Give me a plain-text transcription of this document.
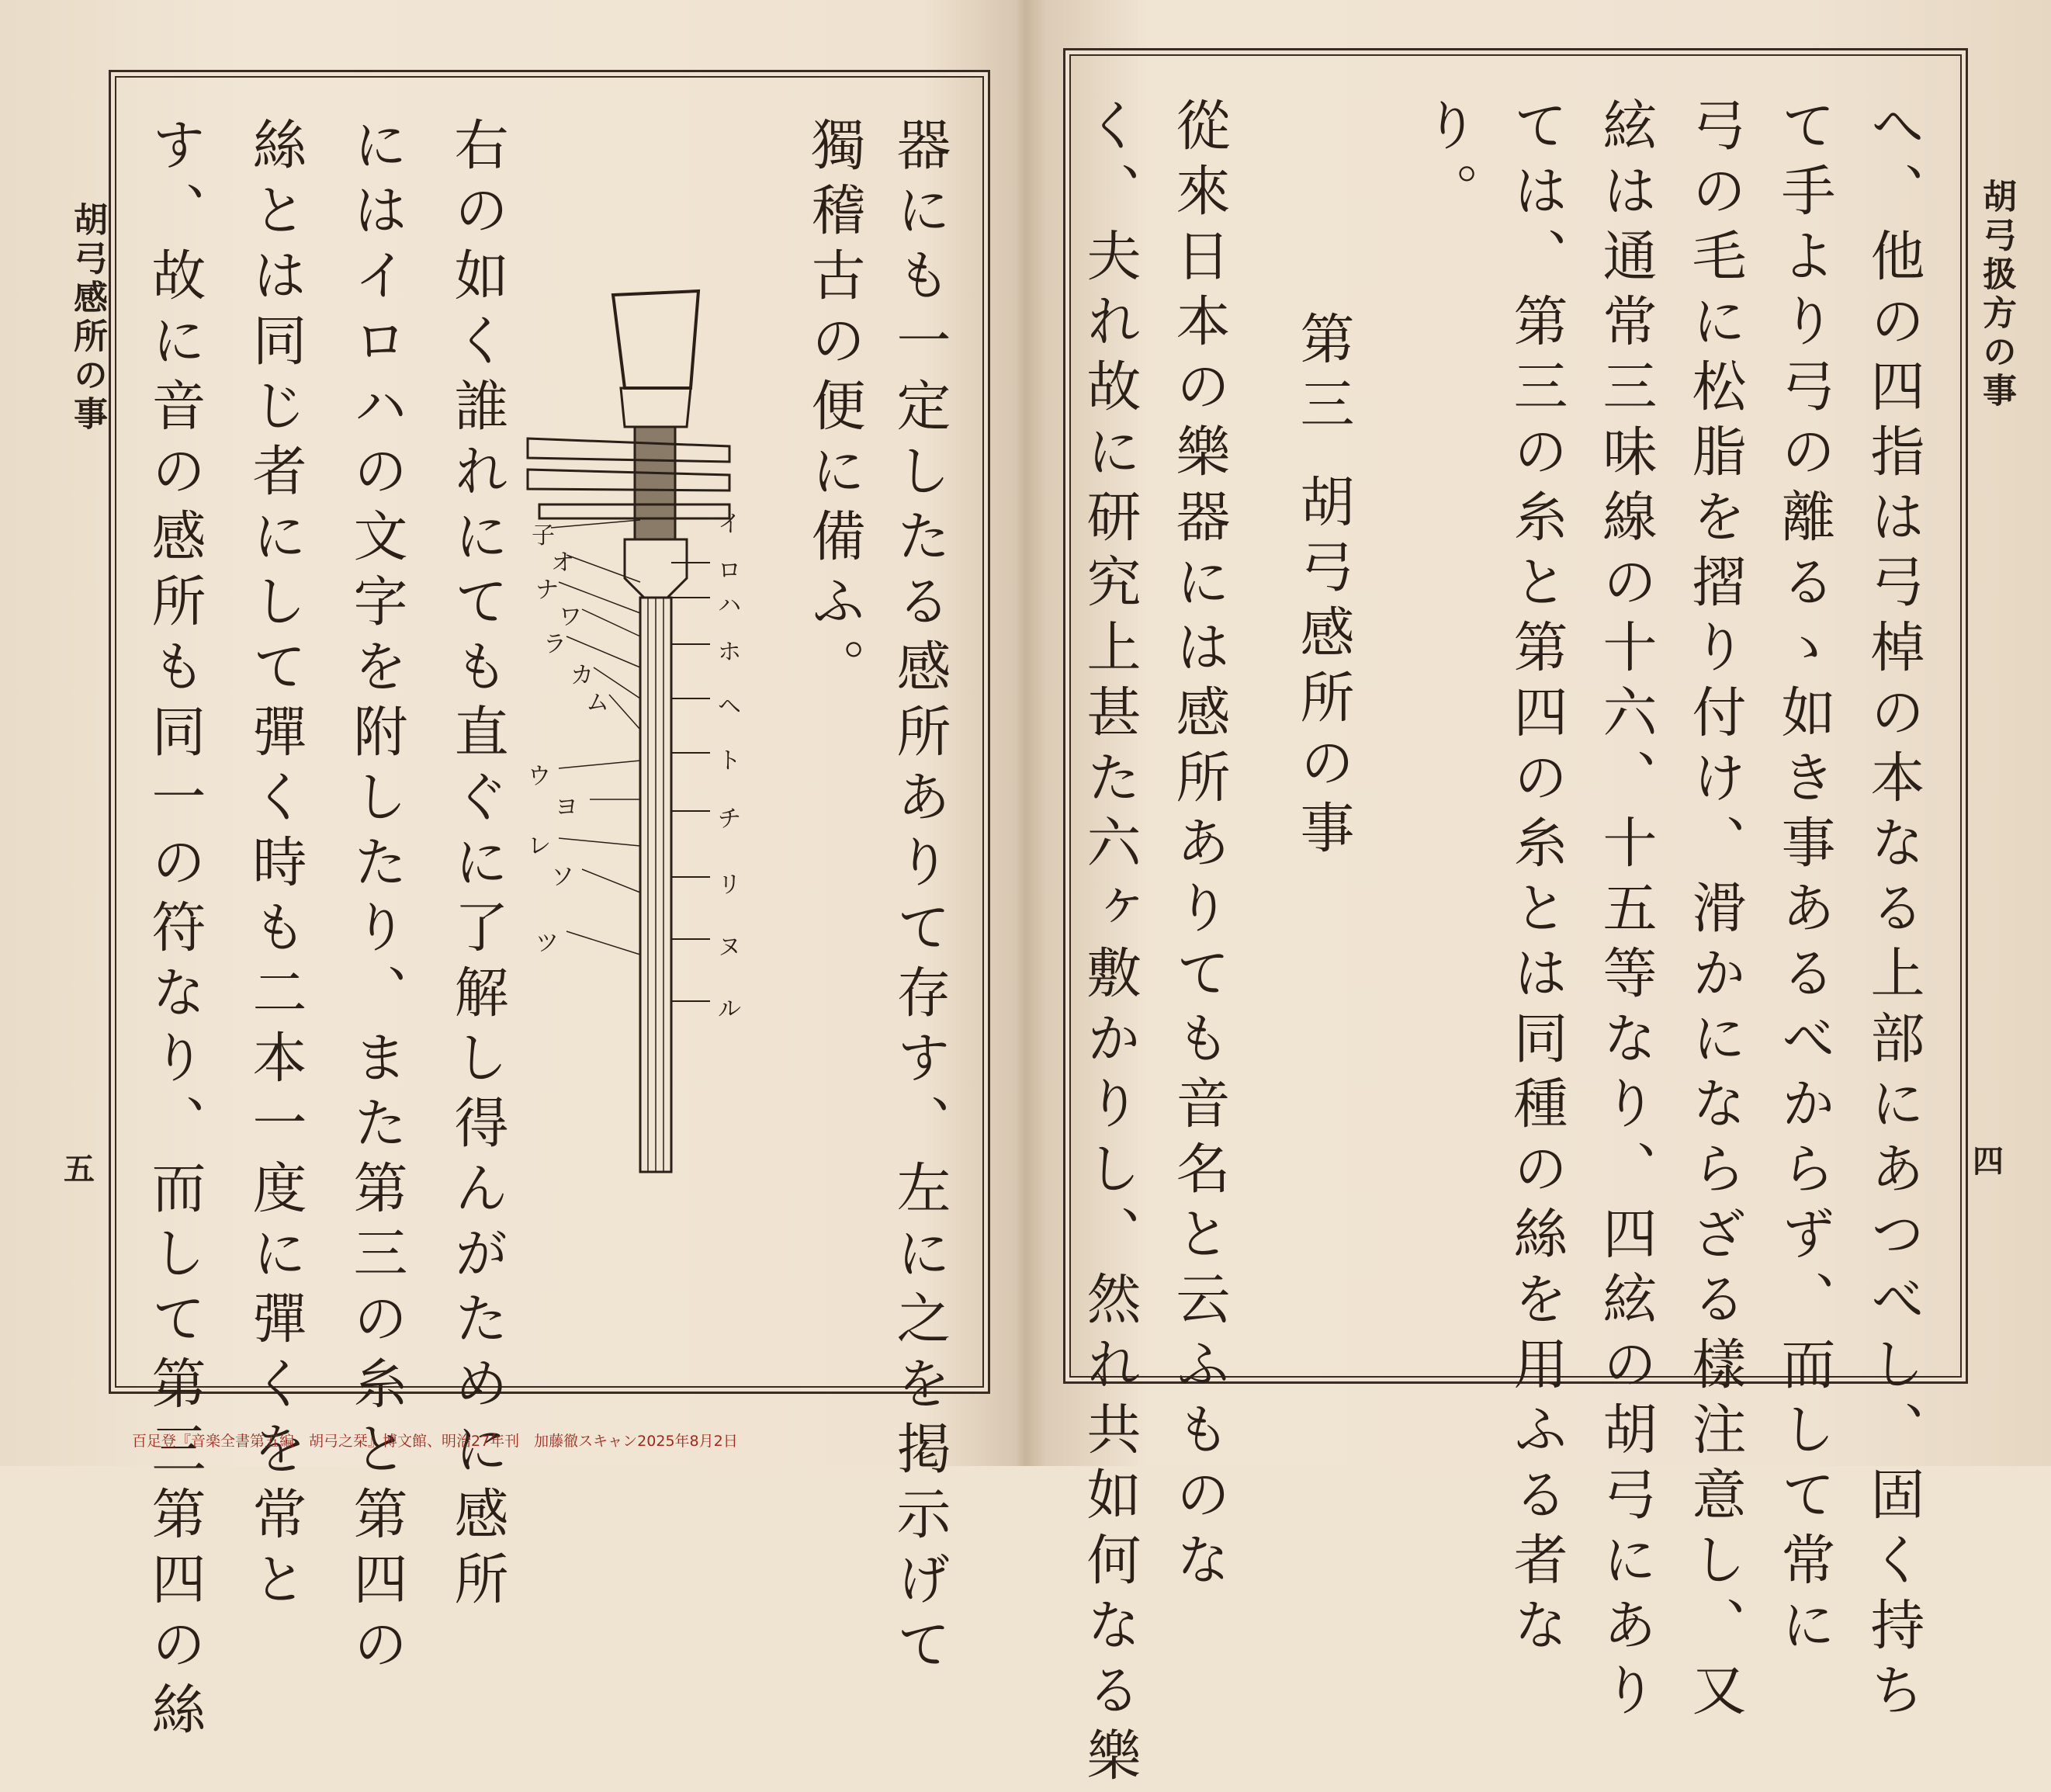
胡弓感所の事
五	器にも一定したる感所ありて存す、左に之を掲示げて
獨稽古の便に備ふ。
右の如く誰れにても直ぐに了解し得んがために感所
にはイロハの文字を附したり、また第三の糸と第四の
絲とは同じ者にして彈く時も二本一度に彈くを常と
す、故に音の感所も同一の符なり、而して第三第四の絲	イ
ロ
ハ
ホ
ヘ
ト
チ
リ
ヌ
ル
子
オ
ナ
ワ
ラ
カ
ム
ウ
ヨ
レ
ソ
ツ
胡弓扱方の事
四
へ、他の四指は弓棹の本なる上部にあつべし、固く持ち
て手より弓の離るゝ如き事あるべからず、而して常に
弓の毛に松脂を摺り付け、滑かにならざる樣注意し、又
絃は通常三味線の十六、十五等なり、四絃の胡弓にあり
ては、第三の糸と第四の糸とは同種の絲を用ふる者な
り。
第三
胡弓感所の事
從來日本の樂器には感所ありても音名と云ふものな
く、夫れ故に研究上甚た六ヶ敷かりし、然れ共如何なる樂
百足登『音楽全書第五編　胡弓之栞』博文館、明治27年刊　加藤徹スキャン2025年8月2日
